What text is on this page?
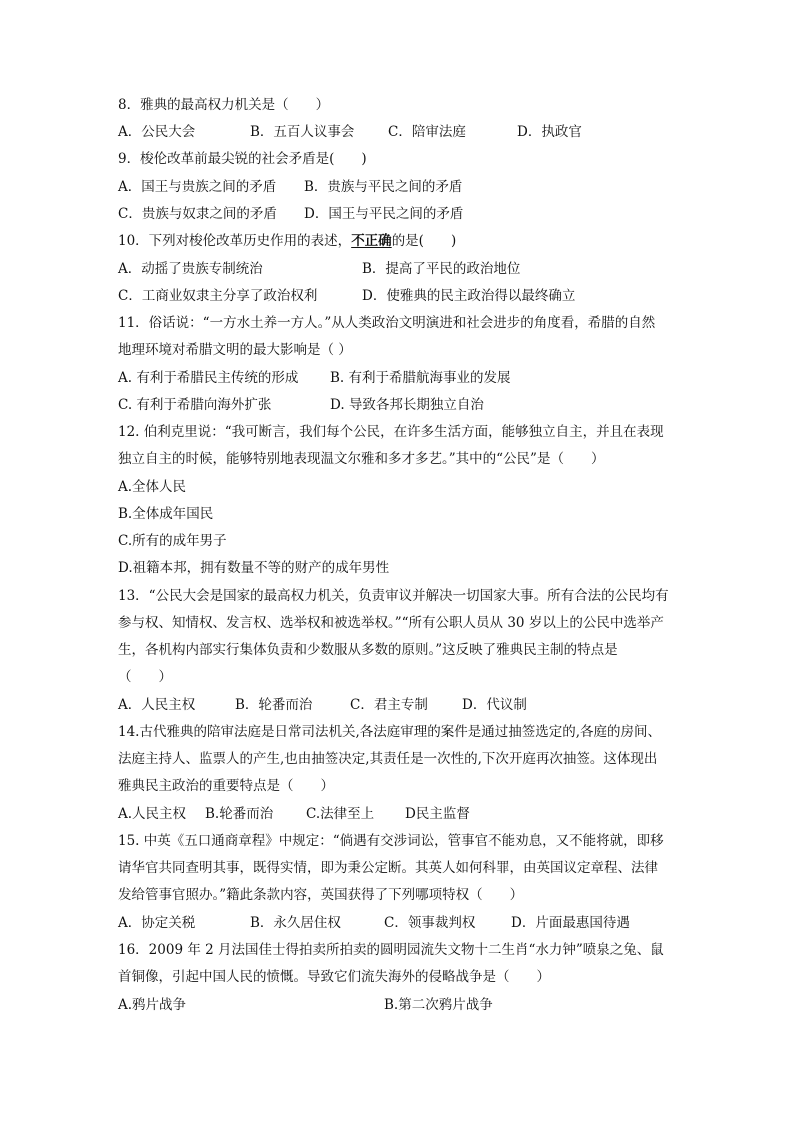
8．雅典的最高权力机关是（　　）
A．公民大会	B．五百人议事会 C．陪审法庭	D．执政官
9．梭伦改革前最尖锐的社会矛盾是(　　)
A．国王与贵族之间的矛盾 B．贵族与平民之间的矛盾
C．贵族与奴隶之间的矛盾 D．国王与平民之间的矛盾
10．下列对梭伦改革历史作用的表述，不正确的是(　　)
A．动摇了贵族专制统治	B．提高了平民的政治地位
C．工商业奴隶主分享了政治权利	D．使雅典的民主政治得以最终确立
11．俗话说：“一方水土养一方人。”从人类政治文明演进和社会进步的角度看，希腊的自然
地理环境对希腊文明的最大影响是（ ）
A. 有利于希腊民主传统的形成 B. 有利于希腊航海事业的发展
C. 有利于希腊向海外扩张	D. 导致各邦长期独立自治
12. 伯利克里说：“我可断言，我们每个公民，在许多生活方面，能够独立自主，并且在表现
独立自主的时候，能够特别地表现温文尔雅和多才多艺。”其中的“公民”是（　　）
A.全体人民
B.全体成年国民
C.所有的成年男子
D.祖籍本邦，拥有数量不等的财产的成年男性
13．“公民大会是国家的最高权力机关，负责审议并解决一切国家大事。所有合法的公民均有
参与权、知情权、发言权、选举权和被选举权。”“所有公职人员从 30 岁以上的公民中选举产
生，各机构内部实行集体负责和少数服从多数的原则。”这反映了雅典民主制的特点是
（　　）
A．人民主权	B．轮番而治	C．君主专制	D．代议制
14.古代雅典的陪审法庭是日常司法机关,各法庭审理的案件是通过抽签选定的,各庭的房间、
法庭主持人、监票人的产生,也由抽签决定,其责任是一次性的,下次开庭再次抽签。这体现出
雅典民主政治的重要特点是（　　）
A.人民主权 B.轮番而治 C.法律至上 D民主监督
15. 中英《五口通商章程》中规定：“倘遇有交涉词讼，管事官不能劝息，又不能将就，即移
请华官共同查明其事，既得实情，即为秉公定断。其英人如何科罪，由英国议定章程、法律
发给管事官照办。”籍此条款内容，英国获得了下列哪项特权（　　）
A．协定关税	B．永久居住权	C．领事裁判权	D．片面最惠国待遇
16．2009 年 2 月法国佳士得拍卖所拍卖的圆明园流失文物十二生肖“水力钟”喷泉之兔、鼠
首铜像，引起中国人民的愤慨。导致它们流失海外的侵略战争是（　　）
A.鸦片战争	B.第二次鸦片战争
